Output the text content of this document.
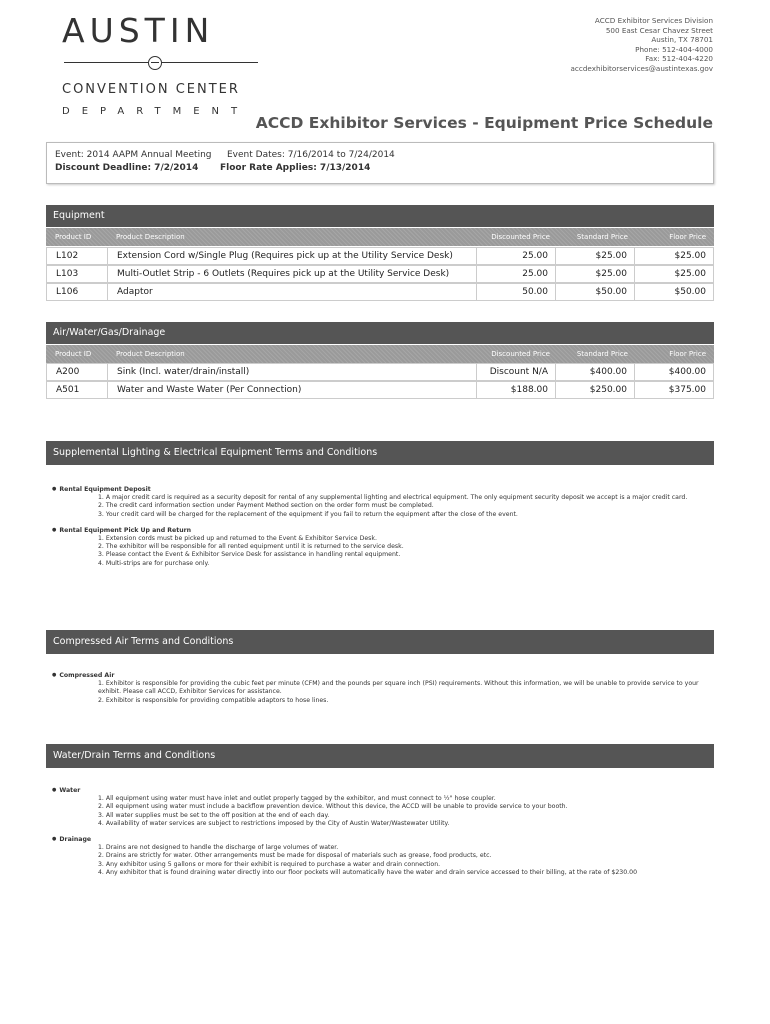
AUSTIN
CONVENTION CENTER
DEPARTMENT
ACCD Exhibitor Services Division
500 East Cesar Chavez Street
Austin, TX 78701
Phone: 512-404-4000
Fax: 512-404-4220
accdexhibitorservices@austintexas.gov
ACCD Exhibitor Services - Equipment Price Schedule
Event: 2014 AAPM Annual Meeting Event Dates: 7/16/2014 to 7/24/2014
Discount Deadline: 7/2/2014 Floor Rate Applies: 7/13/2014
Equipment
Product ID	Product Description	Discounted Price	Standard Price	Floor Price
L102	Extension Cord w/Single Plug (Requires pick up at the Utility Service Desk)	25.00	$25.00	$25.00
L103	Multi-Outlet Strip - 6 Outlets (Requires pick up at the Utility Service Desk)	25.00	$25.00	$25.00
L106	Adaptor	50.00	$50.00	$50.00
Air/Water/Gas/Drainage
Product ID	Product Description	Discounted Price	Standard Price	Floor Price
A200	Sink (Incl. water/drain/install)	Discount N/A	$400.00	$400.00
A501	Water and Waste Water (Per Connection)	$188.00	$250.00	$375.00
Supplemental Lighting & Electrical Equipment Terms and Conditions
● Rental Equipment Deposit
1. A major credit card is required as a security deposit for rental of any supplemental lighting and electrical equipment. The only equipment security deposit we accept is a major credit card.
2. The credit card information section under Payment Method section on the order form must be completed.
3. Your credit card will be charged for the replacement of the equipment if you fail to return the equipment after the close of the event.
● Rental Equipment Pick Up and Return
1. Extension cords must be picked up and returned to the Event & Exhibitor Service Desk.
2. The exhibitor will be responsible for all rented equipment until it is returned to the service desk.
3. Please contact the Event & Exhibitor Service Desk for assistance in handling rental equipment.
4. Multi-strips are for purchase only.
Compressed Air Terms and Conditions
● Compressed Air
1. Exhibitor is responsible for providing the cubic feet per minute (CFM) and the pounds per square inch (PSI) requirements. Without this information, we will be unable to provide service to your exhibit. Please call ACCD, Exhibitor Services for assistance.
2. Exhibitor is responsible for providing compatible adaptors to hose lines.
Water/Drain Terms and Conditions
● Water
1. All equipment using water must have inlet and outlet properly tagged by the exhibitor, and must connect to ½" hose coupler.
2. All equipment using water must include a backflow prevention device. Without this device, the ACCD will be unable to provide service to your booth.
3. All water supplies must be set to the off position at the end of each day.
4. Availability of water services are subject to restrictions imposed by the City of Austin Water/Wastewater Utility.
● Drainage
1. Drains are not designed to handle the discharge of large volumes of water.
2. Drains are strictly for water. Other arrangements must be made for disposal of materials such as grease, food products, etc.
3. Any exhibitor using 5 gallons or more for their exhibit is required to purchase a water and drain connection.
4. Any exhibitor that is found draining water directly into our floor pockets will automatically have the water and drain service accessed to their billing, at the rate of $230.00
